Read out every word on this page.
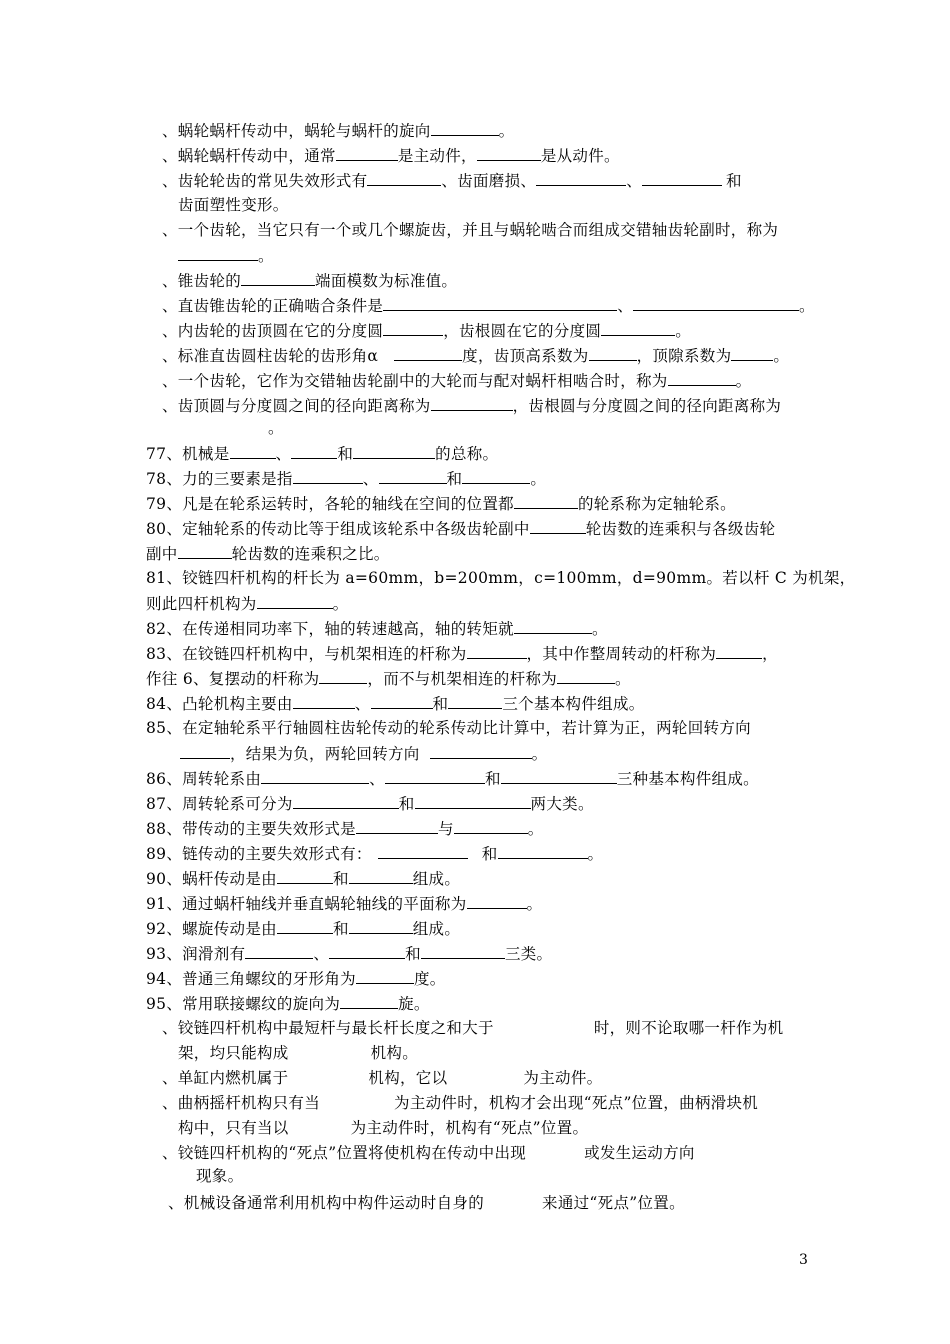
、蜗轮蜗杆传动中，蜗轮与蜗杆的旋向	。
、蜗轮蜗杆传动中，通常	是主动件，	是从动件。
、齿轮轮齿的常见失效形式有	、齿面磨损、	、	和
齿面塑性变形。
、一个齿轮，当它只有一个或几个螺旋齿，并且与蜗轮啮合而组成交错轴齿轮副时，称为
。
、锥齿轮的	端面模数为标准值。
、直齿锥齿轮的正确啮合条件是	、	。
、内齿轮的齿顶圆在它的分度圆	，齿根圆在它的分度圆	。
、标准直齿圆柱齿轮的齿形角α	度，齿顶高系数为	，顶隙系数为	。
、一个齿轮，它作为交错轴齿轮副中的大轮而与配对蜗杆相啮合时，称为	。
、齿顶圆与分度圆之间的径向距离称为	，齿根圆与分度圆之间的径向距离称为
。
77、机械是	、	和	的总称。
78、力的三要素是指	、	和	。
79、凡是在轮系运转时，各轮的轴线在空间的位置都	的轮系称为定轴轮系。
80、定轴轮系的传动比等于组成该轮系中各级齿轮副中	轮齿数的连乘积与各级齿轮
副中	轮齿数的连乘积之比。
81、铰链四杆机构的杆长为 a=60mm，b=200mm，c=100mm，d=90mm。若以杆 C 为机架，
则此四杆机构为	。
82、在传递相同功率下，轴的转速越高，轴的转矩就	。
83、在铰链四杆机构中，与机架相连的杆称为	，其中作整周转动的杆称为	，
作往 6、复摆动的杆称为	，而不与机架相连的杆称为	。
84、凸轮机构主要由	、	和	三个基本构件组成。
85、在定轴轮系平行轴圆柱齿轮传动的轮系传动比计算中，若计算为正，两轮回转方向
，结果为负，两轮回转方向	。
86、周转轮系由	、	和	三种基本构件组成。
87、周转轮系可分为	和	两大类。
88、带传动的主要失效形式是	与	。
89、链传动的主要失效形式有：	和	。
90、蜗杆传动是由	和	组成。
91、通过蜗杆轴线并垂直蜗轮轴线的平面称为	。
92、螺旋传动是由	和	组成。
93、润滑剂有	、	和	三类。
94、普通三角螺纹的牙形角为	度。
95、常用联接螺纹的旋向为	旋。
、铰链四杆机构中最短杆与最长杆长度之和大于	时，则不论取哪一杆作为机
架，均只能构成	机构。
、单缸内燃机属于	机构，它以	为主动件。
、曲柄摇杆机构只有当	为主动件时，机构才会出现“死点”位置，曲柄滑块机
构中，只有当以	为主动件时，机构有“死点”位置。
、铰链四杆机构的“死点”位置将使机构在传动中出现	或发生运动方向
现象。
、机械设备通常利用机构中构件运动时自身的	来通过“死点”位置。
3
